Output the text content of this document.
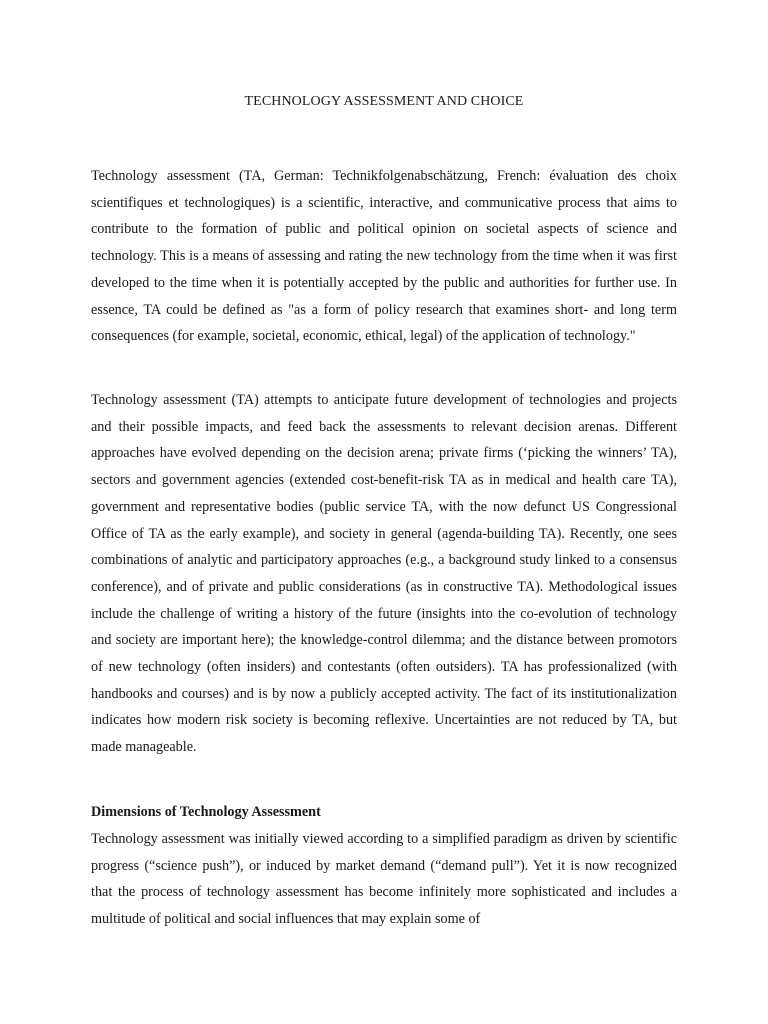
TECHNOLOGY ASSESSMENT AND CHOICE

Technology assessment (TA, German: Technikfolgenabschätzung, French: évaluation des choix scientifiques et technologiques) is a scientific, interactive, and communicative process that aims to contribute to the formation of public and political opinion on societal aspects of science and technology. This is a means of assessing and rating the new technology from the time when it was first developed to the time when it is potentially accepted by the public and authorities for further use. In essence, TA could be defined as "as a form of policy research that examines short- and long term consequences (for example, societal, economic, ethical, legal) of the application of technology."

Technology assessment (TA) attempts to anticipate future development of technologies and projects and their possible impacts, and feed back the assessments to relevant decision arenas. Different approaches have evolved depending on the decision arena; private firms (‘picking the winners’ TA), sectors and government agencies (extended cost-benefit-risk TA as in medical and health care TA), government and representative bodies (public service TA, with the now defunct US Congressional Office of TA as the early example), and society in general (agenda-building TA). Recently, one sees combinations of analytic and participatory approaches (e.g., a background study linked to a consensus conference), and of private and public considerations (as in constructive TA). Methodological issues include the challenge of writing a history of the future (insights into the co-evolution of technology and society are important here); the knowledge-control dilemma; and the distance between promotors of new technology (often insiders) and contestants (often outsiders). TA has professionalized (with handbooks and courses) and is by now a publicly accepted activity. The fact of its institutionalization indicates how modern risk society is becoming reflexive. Uncertainties are not reduced by TA, but made manageable.

Dimensions of Technology Assessment

Technology assessment was initially viewed according to a simplified paradigm as driven by scientific progress (“science push”), or induced by market demand (“demand pull”). Yet it is now recognized that the process of technology assessment has become infinitely more sophisticated and includes a multitude of political and social influences that may explain some of
